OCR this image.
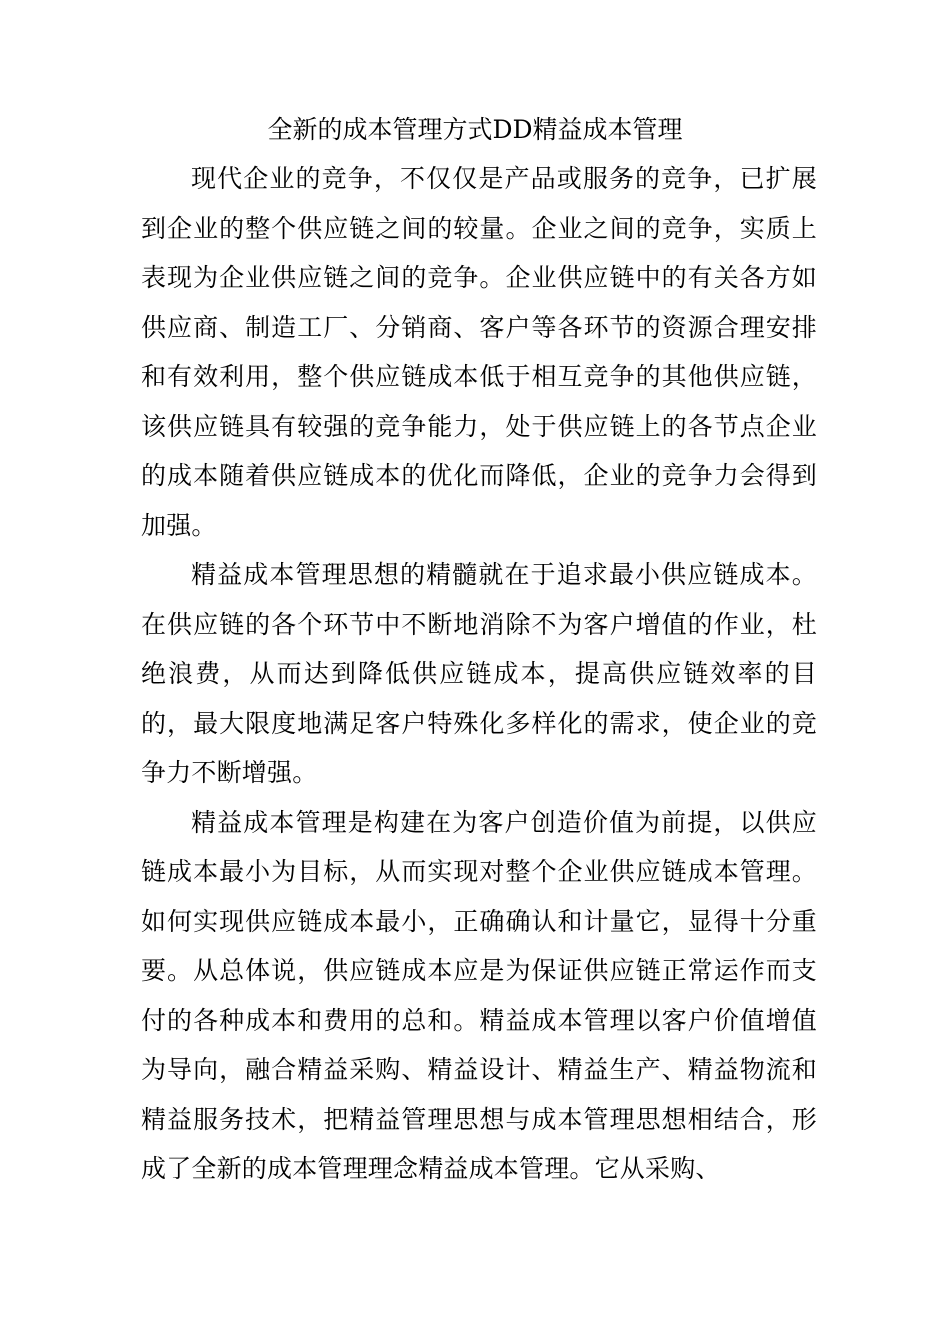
全新的成本管理方式DD精益成本管理

现代企业的竞争，不仅仅是产品或服务的竞争，已扩展到企业的整个供应链之间的较量。企业之间的竞争，实质上表现为企业供应链之间的竞争。企业供应链中的有关各方如供应商、制造工厂、分销商、客户等各环节的资源合理安排和有效利用，整个供应链成本低于相互竞争的其他供应链，该供应链具有较强的竞争能力，处于供应链上的各节点企业的成本随着供应链成本的优化而降低，企业的竞争力会得到加强。

精益成本管理思想的精髓就在于追求最小供应链成本。在供应链的各个环节中不断地消除不为客户增值的作业，杜绝浪费，从而达到降低供应链成本，提高供应链效率的目的，最大限度地满足客户特殊化多样化的需求，使企业的竞争力不断增强。

精益成本管理是构建在为客户创造价值为前提，以供应链成本最小为目标，从而实现对整个企业供应链成本管理。如何实现供应链成本最小，正确确认和计量它，显得十分重要。从总体说，供应链成本应是为保证供应链正常运作而支付的各种成本和费用的总和。精益成本管理以客户价值增值为导向，融合精益采购、精益设计、精益生产、精益物流和精益服务技术，把精益管理思想与成本管理思想相结合，形成了全新的成本管理理念精益成本管理。它从采购、
